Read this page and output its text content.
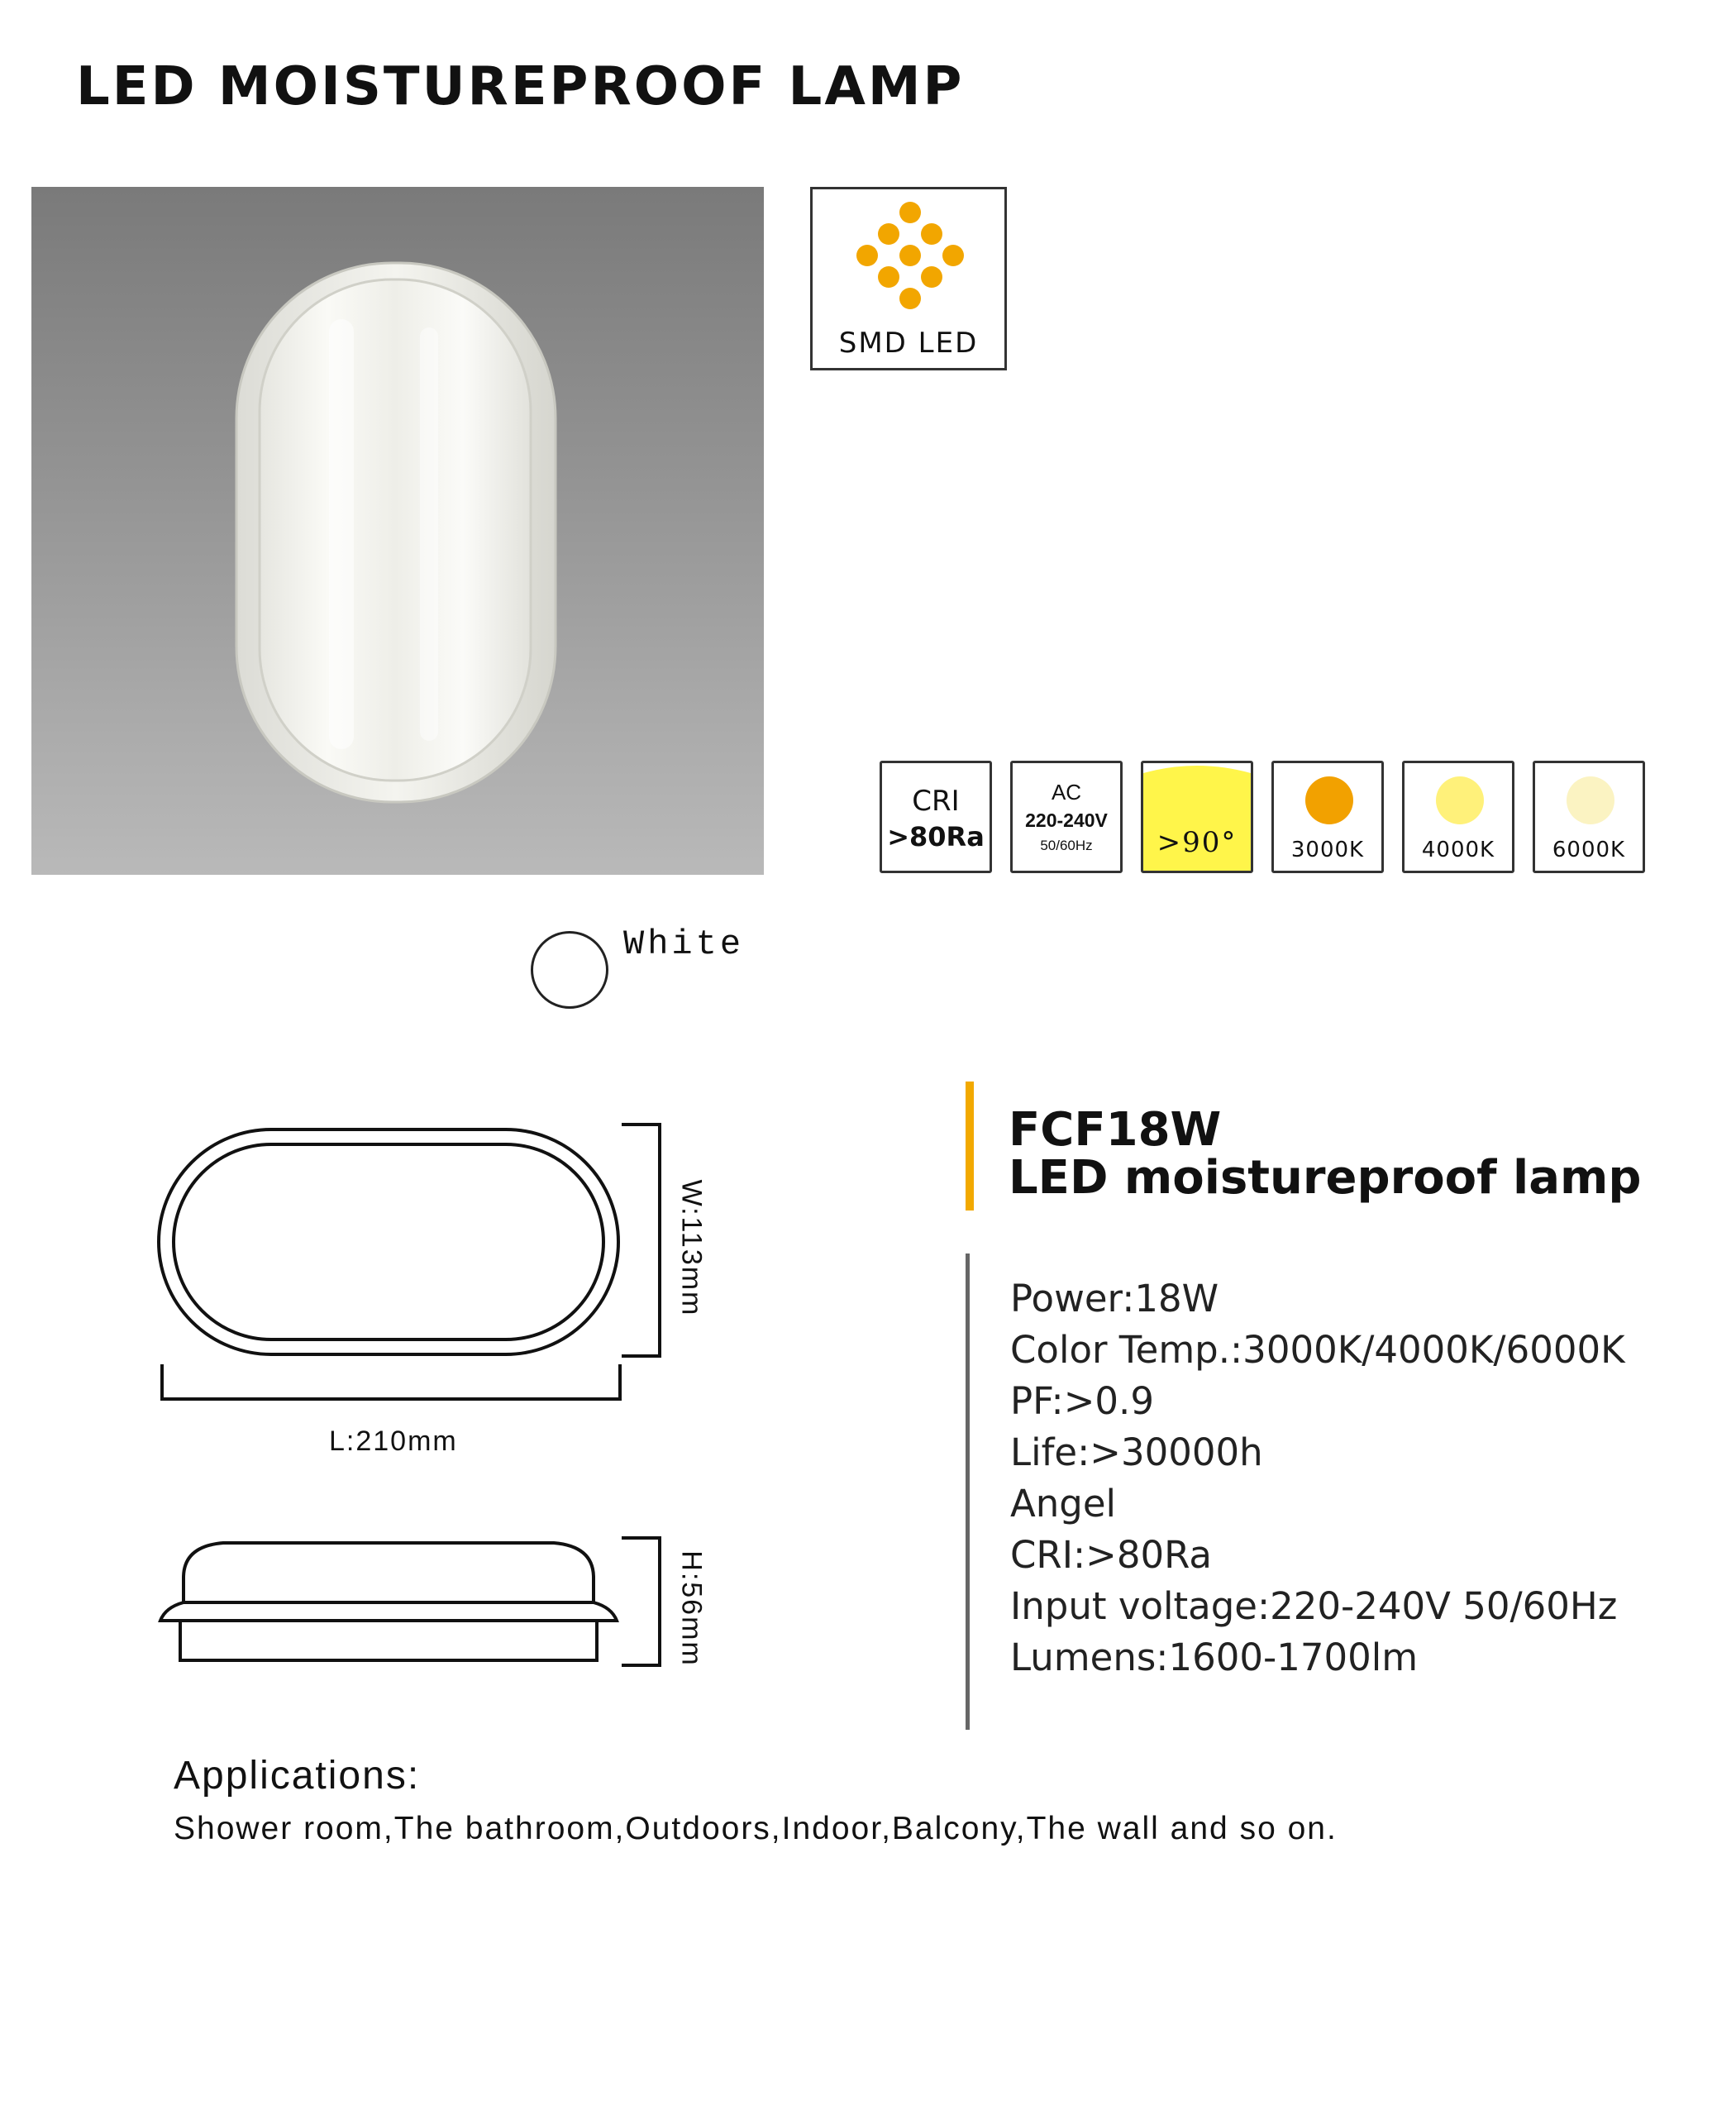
LED MOISTUREPROOF LAMP
SMD LED
CRI
>80Ra
AC
220-240V
50/60Hz	>90°	3000K	4000K	6000K
White
W:113mm
L:210mm
H:56mm
FCF18W
LED moistureproof lamp
Power:18W
Color Temp.:3000K/4000K/6000K
PF:>0.9
Life:>30000h
Angel
CRI:>80Ra
Input voltage:220-240V 50/60Hz
Lumens:1600-1700lm
Applications:
Shower room,The bathroom,Outdoors,Indoor,Balcony,The wall and so on.
